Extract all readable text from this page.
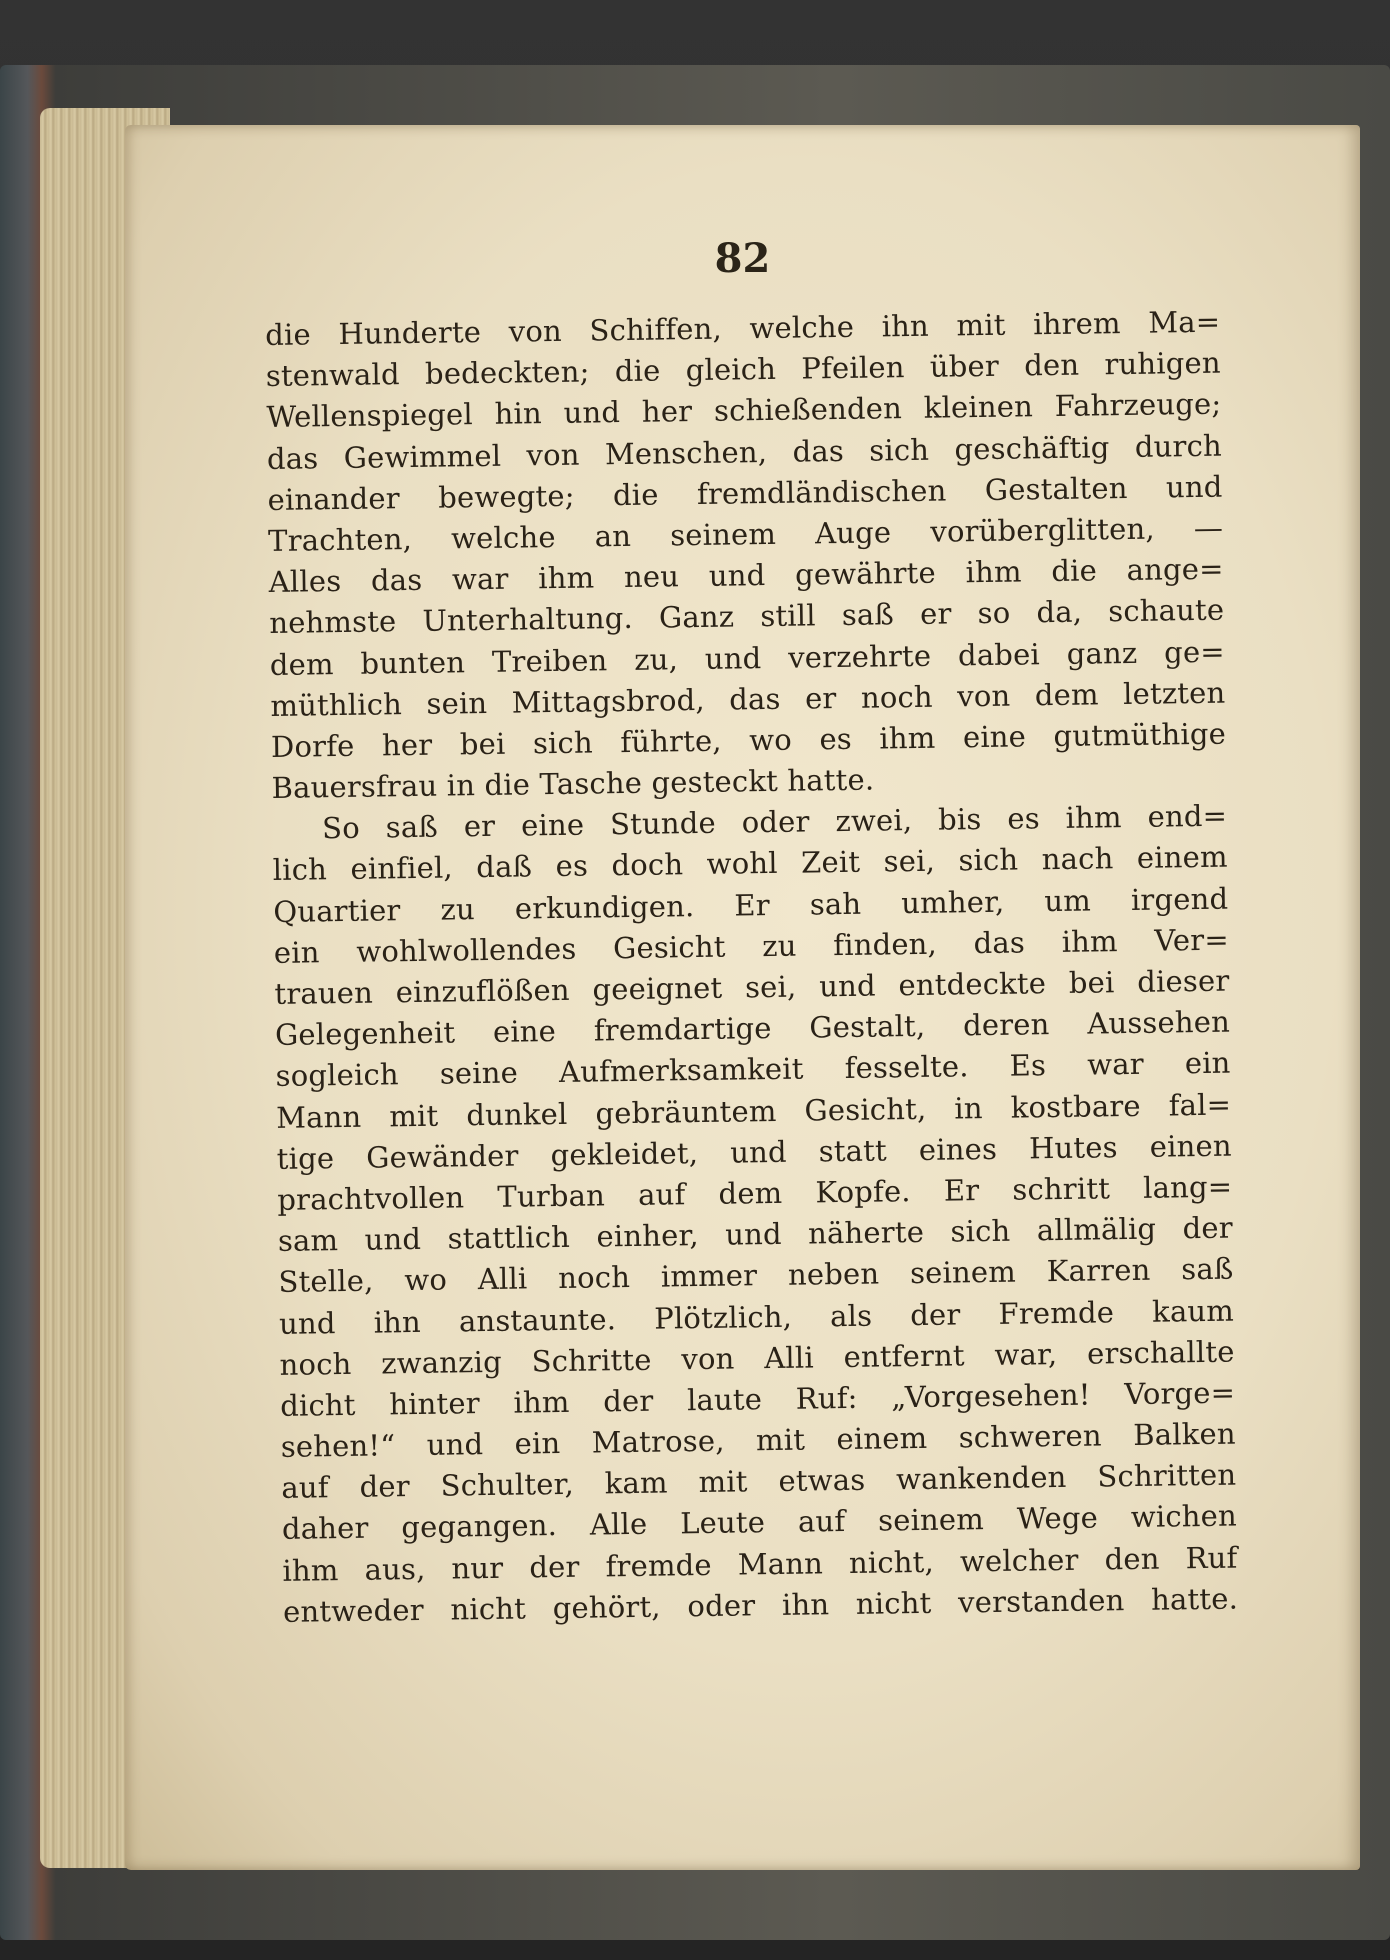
82
die Hunderte von Schiffen, welche ihn mit ihrem Ma=
stenwald bedeckten; die gleich Pfeilen über den ruhigen
Wellenspiegel hin und her schießenden kleinen Fahrzeuge;
das Gewimmel von Menschen, das sich geschäftig durch
einander bewegte; die fremdländischen Gestalten und
Trachten, welche an seinem Auge vorüberglitten, —
Alles das war ihm neu und gewährte ihm die ange=
nehmste Unterhaltung. Ganz still saß er so da, schaute
dem bunten Treiben zu, und verzehrte dabei ganz ge=
müthlich sein Mittagsbrod, das er noch von dem letzten
Dorfe her bei sich führte, wo es ihm eine gutmüthige
Bauersfrau in die Tasche gesteckt hatte.
So saß er eine Stunde oder zwei, bis es ihm end=
lich einfiel, daß es doch wohl Zeit sei, sich nach einem
Quartier zu erkundigen. Er sah umher, um irgend
ein wohlwollendes Gesicht zu finden, das ihm Ver=
trauen einzuflößen geeignet sei, und entdeckte bei dieser
Gelegenheit eine fremdartige Gestalt, deren Aussehen
sogleich seine Aufmerksamkeit fesselte. Es war ein
Mann mit dunkel gebräuntem Gesicht, in kostbare fal=
tige Gewänder gekleidet, und statt eines Hutes einen
prachtvollen Turban auf dem Kopfe. Er schritt lang=
sam und stattlich einher, und näherte sich allmälig der
Stelle, wo Alli noch immer neben seinem Karren saß
und ihn anstaunte. Plötzlich, als der Fremde kaum
noch zwanzig Schritte von Alli entfernt war, erschallte
dicht hinter ihm der laute Ruf: „Vorgesehen! Vorge=
sehen!“ und ein Matrose, mit einem schweren Balken
auf der Schulter, kam mit etwas wankenden Schritten
daher gegangen. Alle Leute auf seinem Wege wichen
ihm aus, nur der fremde Mann nicht, welcher den Ruf
entweder nicht gehört, oder ihn nicht verstanden hatte.
